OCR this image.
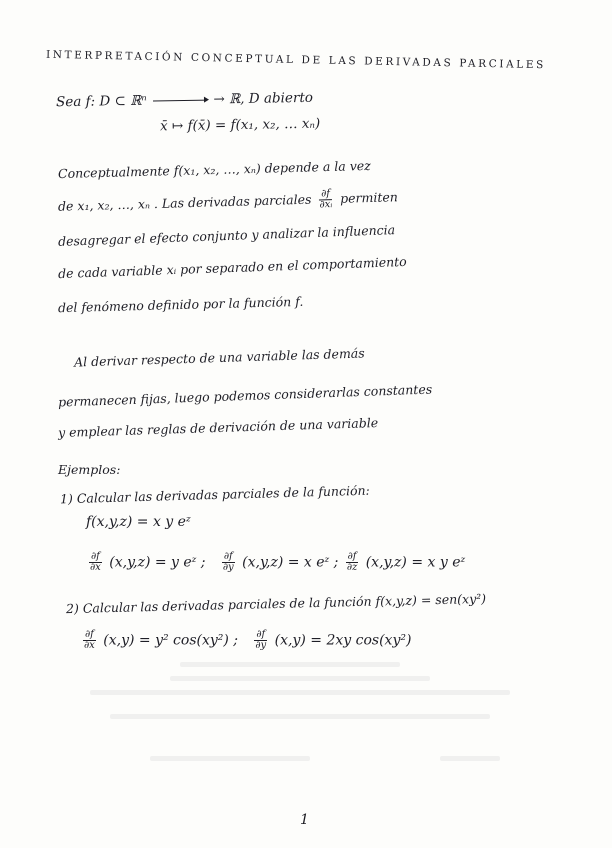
INTERPRETACIÓN CONCEPTUAL DE LAS DERIVADAS PARCIALES
Sea f: D ⊂ ℝⁿ	→ ℝ, D abierto
x̄ ↦ f(x̄) = f(x₁, x₂, … xₙ)
Conceptualmente f(x₁, x₂, …, xₙ) depende a la vez
de x₁, x₂, …, xₙ . Las derivadas parciales $\frac{\partial f}{\text{∂xᵢ}}$ permiten
desagregar el efecto conjunto y analizar la influencia
de cada variable xᵢ por separado en el comportamiento
del fenómeno definido por la función f.
Al derivar respecto de una variable las demás
permanecen fijas, luego podemos considerarlas constantes
y emplear las reglas de derivación de una variable
Ejemplos:
1) Calcular las derivadas parciales de la función:
f(x,y,z) = x y eᶻ
$\frac{\partial f}{\partial x} (x,y,z) = y$ eᶻ ; $\frac{\partial f}{\partial y} (x,y,z) = x$ eᶻ ; $\frac{\partial f}{\partial z} (x,y,z) = x$ y eᶻ
2) Calcular las derivadas parciales de la función f(x,y,z) = sen(xy²)
$\frac{\partial f}{\partial x} (x,y) = y^2$ cos(xy²) ; $\frac{\partial f}{\partial y} (x,y) = 2xy$ cos(xy²)
1
